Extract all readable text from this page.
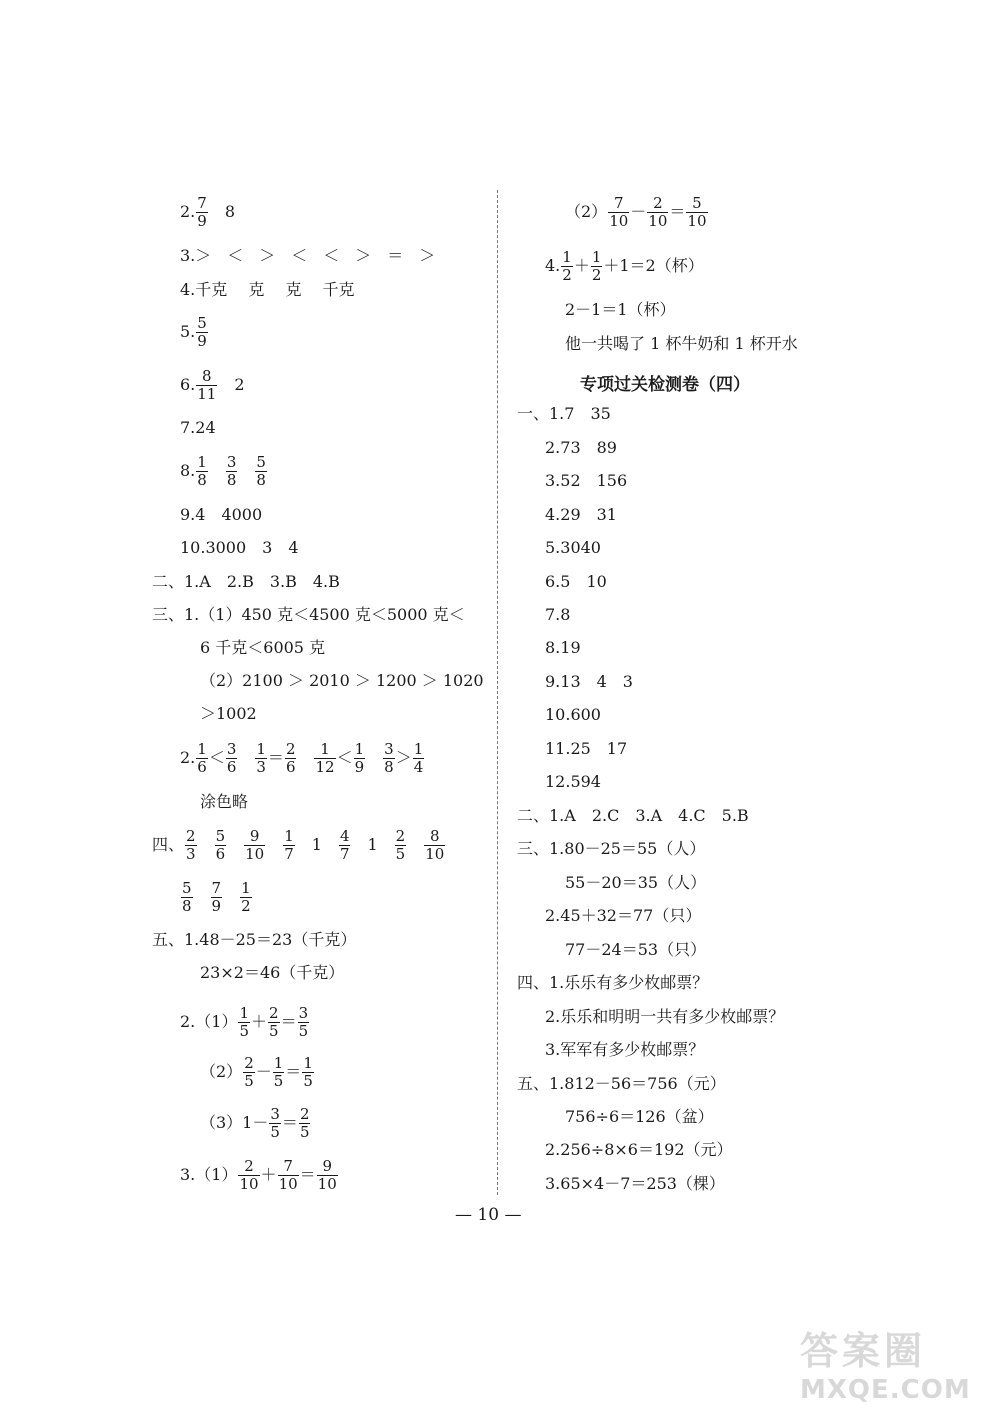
2. $\frac{7}{9} 8$
3.＞　＜　＞　＜　＜　＞　＝　＞
4.千克　 克　 克　 千克
5. $\frac{5}{9}$
6. $\frac{8}{11} 2$
7.24
8. $\frac{1}{8} \frac{3}{8} \frac{5}{8}$
9.4　4000
10.3000　3　4
二、1.A　2.B　3.B　4.B
三、1.（1）450 克＜4500 克＜5000 克＜
6 千克＜6005 克
（2）2100 ＞ 2010 ＞ 1200 ＞ 1020
＞1002
2. $\frac{1}{6} < \frac{3}{6} \frac{1}{3} = \frac{2}{6} \frac{1}{12} < \frac{1}{9} \frac{3}{8} > \frac{1}{4}$
涂色略
四、 $\frac{2}{3} \frac{5}{6} \frac{9}{10} \frac{1}{7} 1 \frac{4}{7} 1 \frac{2}{5} \frac{8}{10}$
$\frac{5}{8} \frac{7}{9} \frac{1}{2}$
五、1.48－25＝23（千克）
23×2＝46（千克）
$2.(1) \frac{1}{5} + \frac{2}{5} = \frac{3}{5}$
$(2) \frac{2}{5} - \frac{1}{5} = \frac{1}{5}$
$(3)1- \frac{3}{5} = \frac{2}{5}$
$3.(1) \frac{2}{10} + \frac{7}{10} = \frac{9}{10}$
$(2) \frac{7}{10} - \frac{2}{10} = \frac{5}{10}$
4. $\frac{1}{2} + \frac{1}{2} +1=2$（杯）
2－1＝1（杯）
他一共喝了 1 杯牛奶和 1 杯开水
专项过关检测卷（四）
一、1.7　35
2.73　89
3.52　156
4.29　31
5.3040
6.5　10
7.8
8.19
9.13　4　3
10.600
11.25　17
12.594
二、1.A　2.C　3.A　4.C　5.B
三、1.80－25＝55（人）
55－20＝35（人）
2.45＋32＝77（只）
77－24＝53（只）
四、1.乐乐有多少枚邮票？
2.乐乐和明明一共有多少枚邮票？
3.军军有多少枚邮票？
五、1.812－56＝756（元）
756÷6＝126（盆）
2.256÷8×6＝192（元）
3.65×4－7＝253（棵）
— 10 —
答案圈
MXQE.COM
